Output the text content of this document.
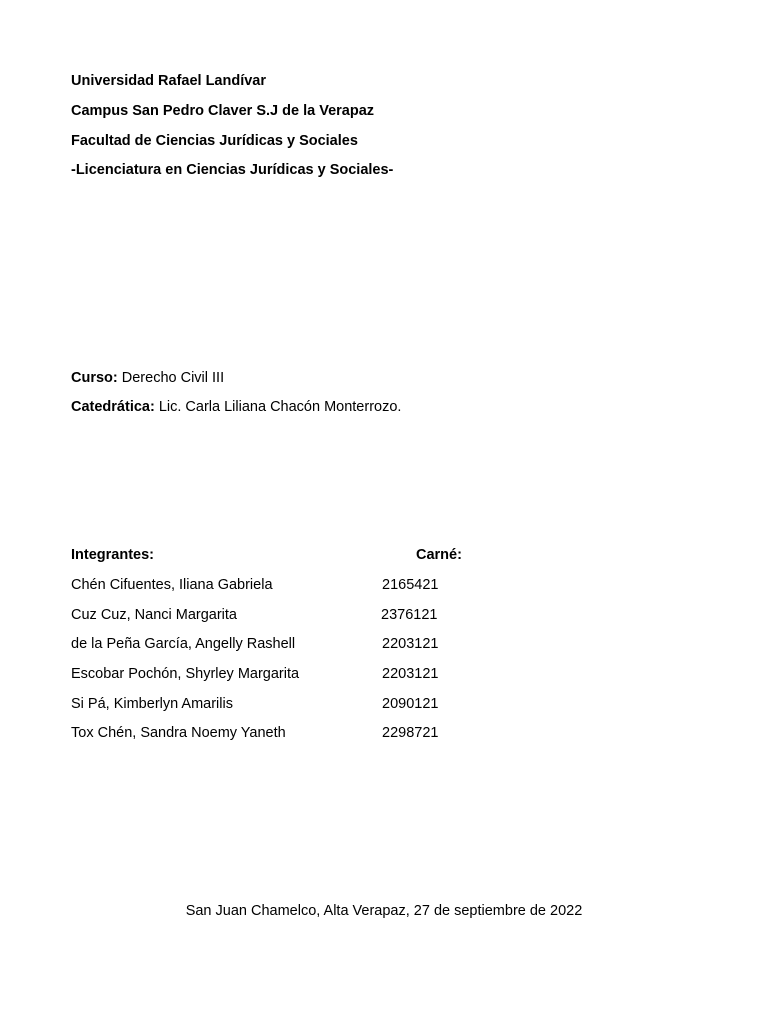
Universidad Rafael Landívar
Campus San Pedro Claver S.J de la Verapaz
Facultad de Ciencias Jurídicas y Sociales
-Licenciatura en Ciencias Jurídicas y Sociales-
Curso: Derecho Civil III
Catedrática: Lic. Carla Liliana Chacón Monterrozo.
Integrantes:	Carné:
Chén Cifuentes, Iliana Gabriela	2165421
Cuz Cuz, Nanci Margarita	2376121
de la Peña García, Angelly Rashell	2203121
Escobar Pochón, Shyrley Margarita	2203121
Si Pá, Kimberlyn Amarilis	2090121
Tox Chén, Sandra Noemy Yaneth	2298721
San Juan Chamelco, Alta Verapaz, 27 de septiembre de 2022
